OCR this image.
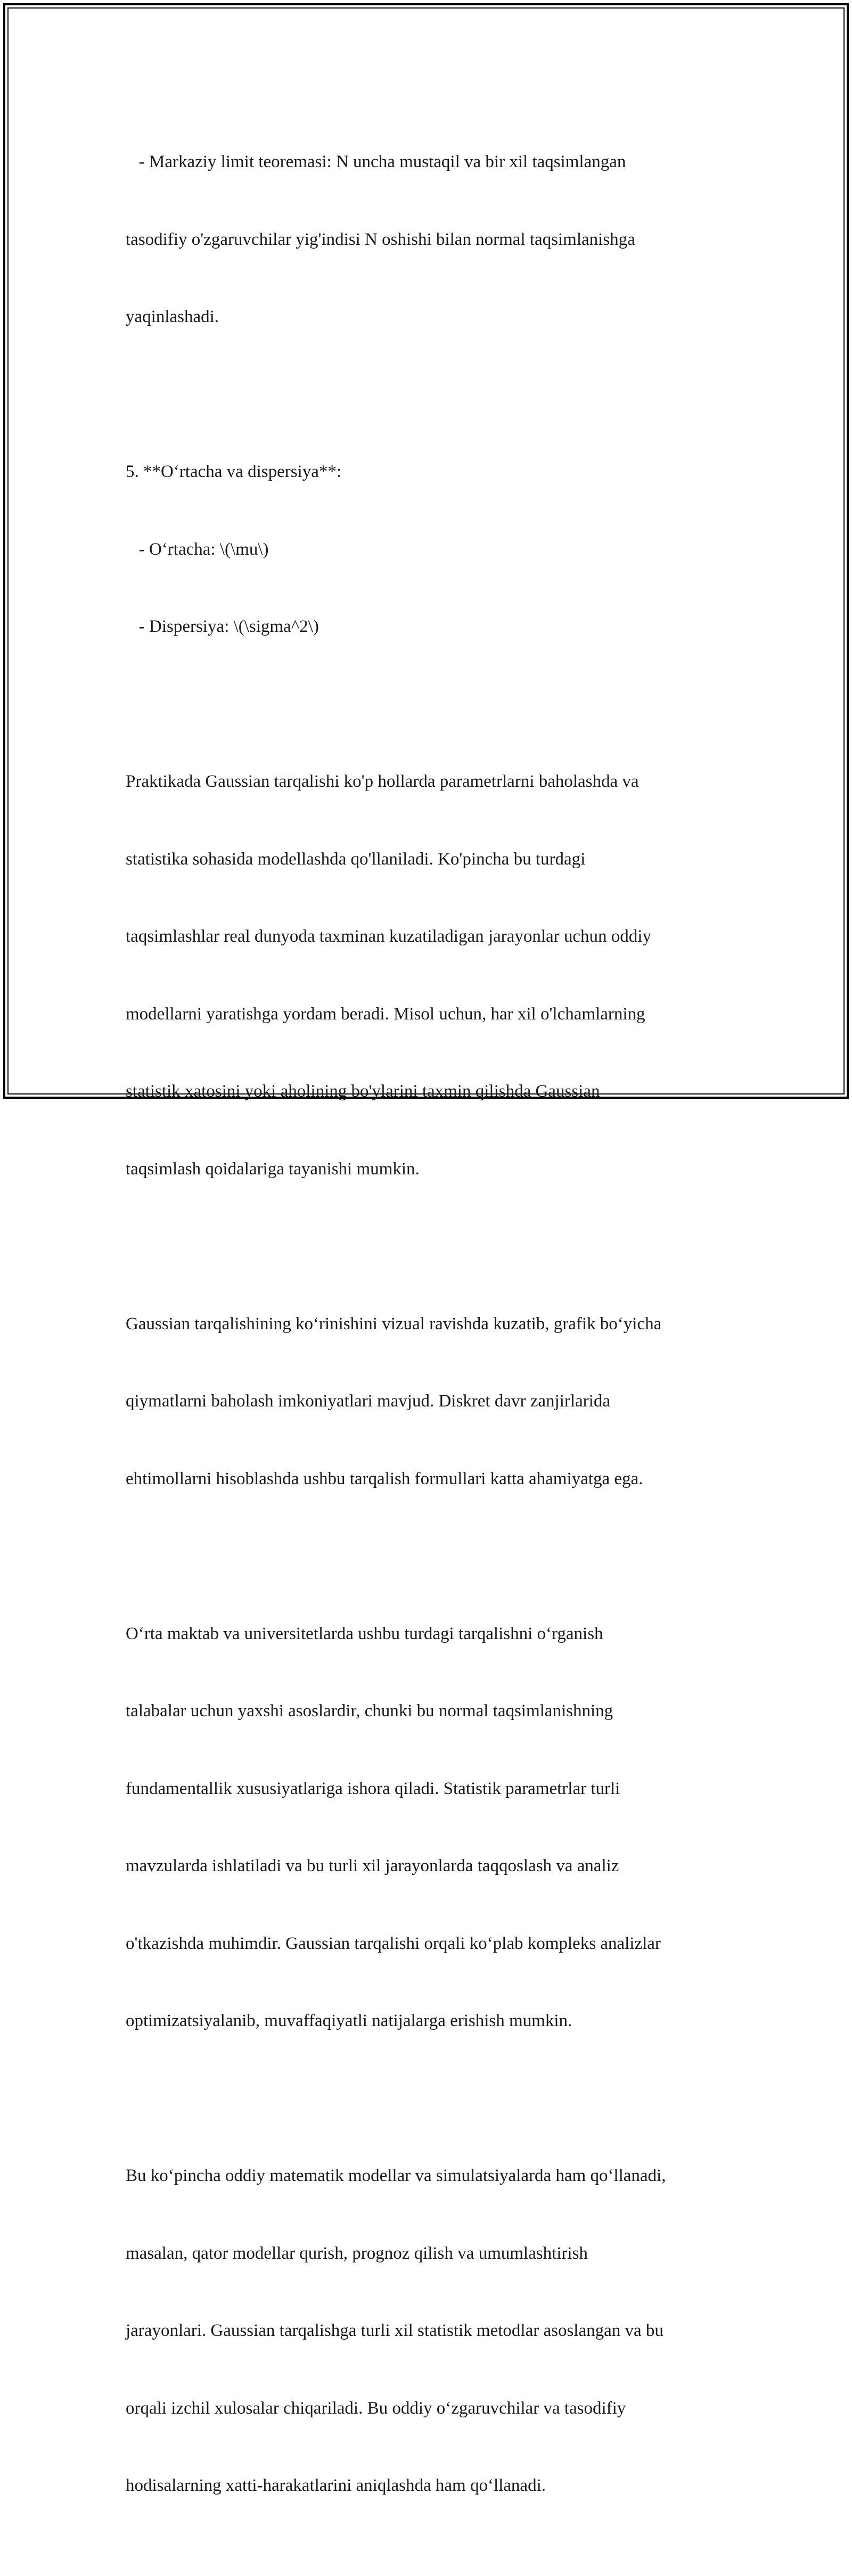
- Markaziy limit teoremasi: N uncha mustaqil va bir xil taqsimlangan

tasodifiy o'zgaruvchilar yig'indisi N oshishi bilan normal taqsimlanishga

yaqinlashadi.

5. **O‘rtacha va dispersiya**:

- O‘rtacha: \(\mu\)

- Dispersiya: \(\sigma^2\)

Praktikada Gaussian tarqalishi ko'p hollarda parametrlarni baholashda va

statistika sohasida modellashda qo'llaniladi. Ko'pincha bu turdagi

taqsimlashlar real dunyoda taxminan kuzatiladigan jarayonlar uchun oddiy

modellarni yaratishga yordam beradi. Misol uchun, har xil o'lchamlarning

statistik xatosini yoki aholining bo'ylarini taxmin qilishda Gaussian

taqsimlash qoidalariga tayanishi mumkin.

Gaussian tarqalishining ko‘rinishini vizual ravishda kuzatib, grafik bo‘yicha

qiymatlarni baholash imkoniyatlari mavjud. Diskret davr zanjirlarida

ehtimollarni hisoblashda ushbu tarqalish formullari katta ahamiyatga ega.

O‘rta maktab va universitetlarda ushbu turdagi tarqalishni o‘rganish

talabalar uchun yaxshi asoslardir, chunki bu normal taqsimlanishning

fundamentallik xususiyatlariga ishora qiladi. Statistik parametrlar turli

mavzularda ishlatiladi va bu turli xil jarayonlarda taqqoslash va analiz

o'tkazishda muhimdir. Gaussian tarqalishi orqali ko‘plab kompleks analizlar

optimizatsiyalanib, muvaffaqiyatli natijalarga erishish mumkin.

Bu ko‘pincha oddiy matematik modellar va simulatsiyalarda ham qo‘llanadi,

masalan, qator modellar qurish, prognoz qilish va umumlashtirish

jarayonlari. Gaussian tarqalishga turli xil statistik metodlar asoslangan va bu

orqali izchil xulosalar chiqariladi. Bu oddiy o‘zgaruvchilar va tasodifiy

hodisalarning xatti-harakatlarini aniqlashda ham qo‘llanadi.
